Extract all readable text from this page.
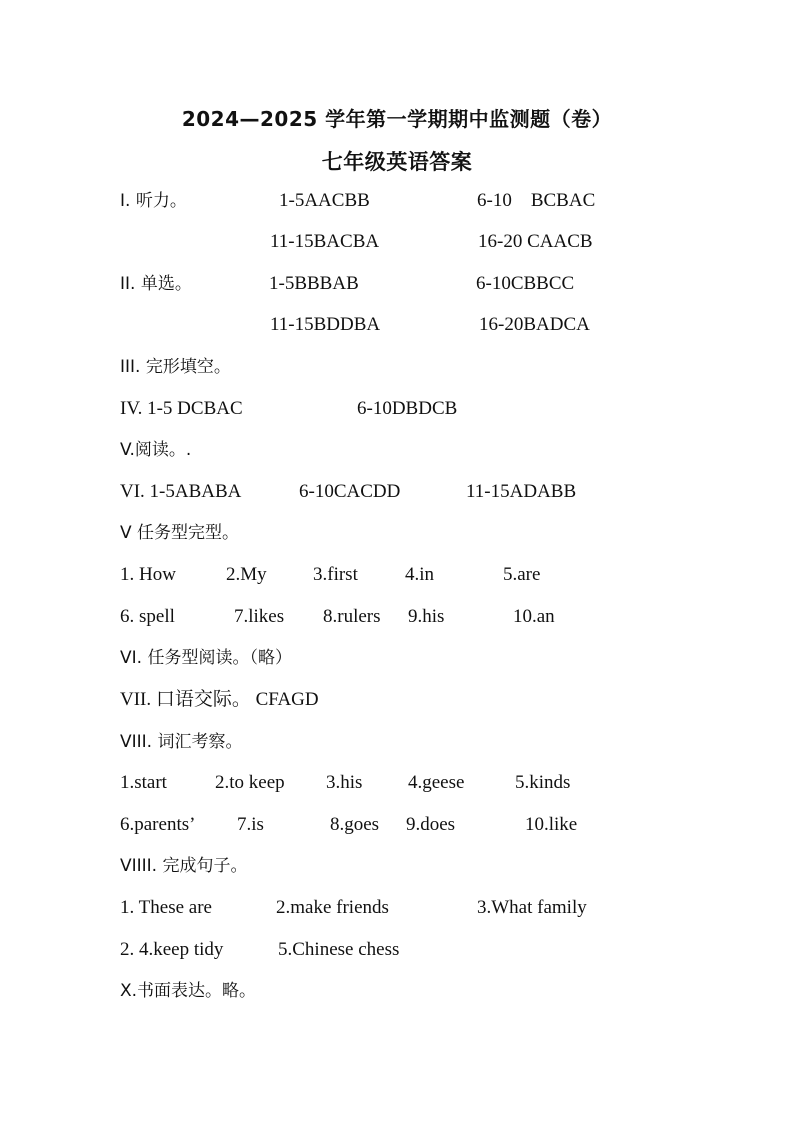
2024—2025 学年第一学期期中监测题（卷）
七年级英语答案
I. 听力。	1-5AACBB	6-10    BCBAC
11-15BACBA	16-20 CAACB
II. 单选。	1-5BBBAB	6-10CBBCC
11-15BDDBA	16-20BADCA
III. 完形填空。
IV. 1-5 DCBAC	6-10DBDCB
V.阅读。.
VI. 1-5ABABA	6-10CACDD	11-15ADABB
V 任务型完型。
1. How	2.My 3.first 4.in	5.are
6. spell	7.likes 8.rulers 9.his	10.an
VI. 任务型阅读。（略）
VII. 口语交际。 CFAGD
VIII. 词汇考察。
1.start	2.to keep 3.his 4.geese	5.kinds
6.parents’ 7.is	8.goes 9.does	10.like
VIIII. 完成句子。
1. These are	2.make friends	3.What family
2. 4.keep tidy	5.Chinese chess
X.书面表达。略。
